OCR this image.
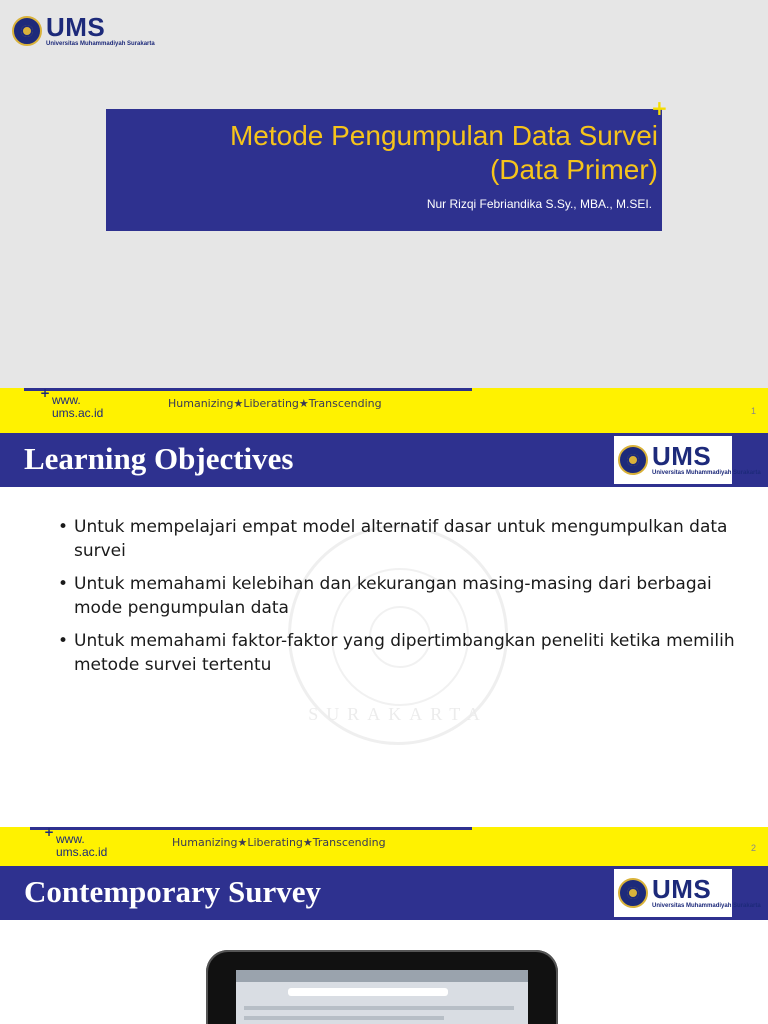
UMS
Universitas Muhammadiyah Surakarta
Metode Pengumpulan Data Survei
(Data Primer)
Nur Rizqi Febriandika S.Sy., MBA., M.SEI.
+
+ www.
ums.ac.id
Humanizing★Liberating★Transcending
1
Learning Objectives	UMS
Universitas Muhammadiyah Surakarta
SURAKARTA
• Untuk mempelajari empat model alternatif dasar untuk mengumpulkan data survei
• Untuk memahami kelebihan dan kekurangan masing-masing dari berbagai mode pengumpulan data
• Untuk memahami faktor-faktor yang dipertimbangkan peneliti ketika memilih metode survei tertentu
+ www.
ums.ac.id
Humanizing★Liberating★Transcending	2
Contemporary Survey	UMS
Universitas Muhammadiyah Surakarta
